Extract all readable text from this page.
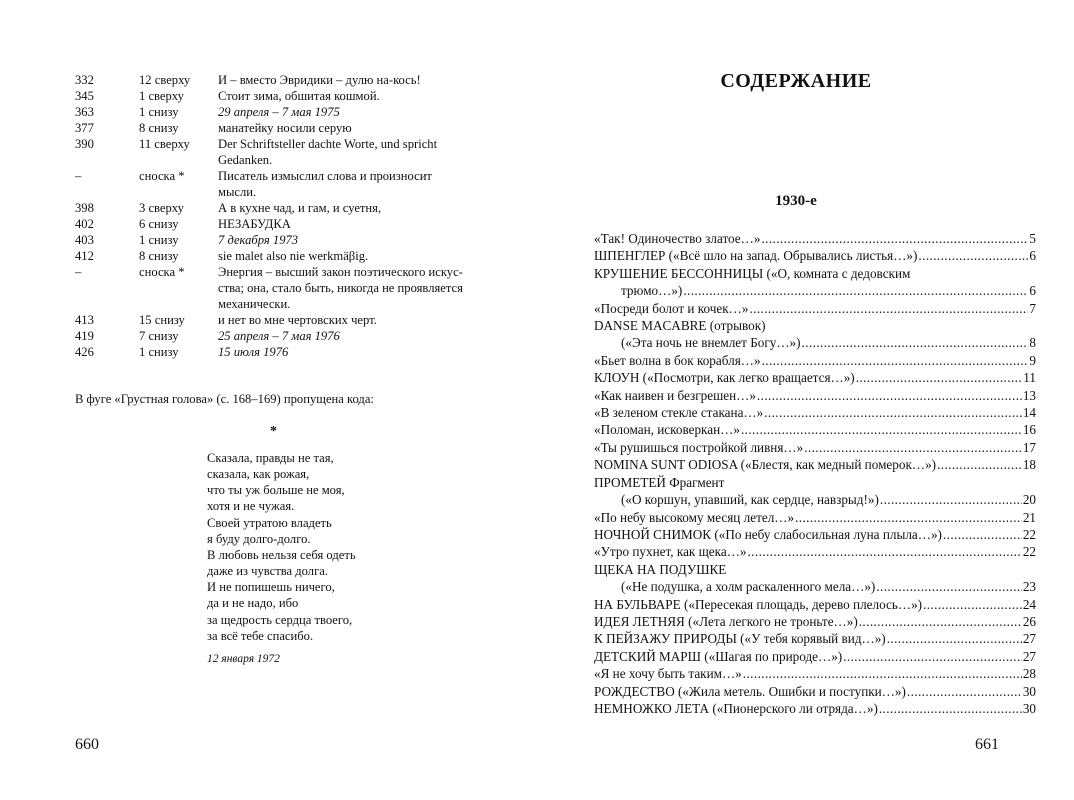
332	12 сверху	И – вместо Эвридики – дулю на-кось!
345	1 сверху	Стоит зима, обшитая кошмой.
363	1 снизу	29 апреля – 7 мая 1975
377	8 снизу	манатейку носили серую
390	11 сверху	Der Schriftsteller dachte Worte, und spricht
Gedanken.
–	сноска *	Писатель измыслил слова и произносит
мысли.
398	3 сверху	А в кухне чад, и гам, и суетня,
402	6 снизу	НЕЗАБУДКА
403	1 снизу	7 декабря 1973
412	8 снизу	sie malet also nie werkmäβig.
–	сноска *	Энергия – высший закон поэтического искус-
ства; она, стало быть, никогда не проявляется
механически.
413	15 снизу	и нет во мне чертовских черт.
419	7 снизу	25 апреля – 7 мая 1976
426	1 снизу	15 июля 1976
В фуге «Грустная голова» (с. 168–169) пропущена кода:
*
Сказала, правды не тая,
сказала, как рожая,
что ты уж больше не моя,
хотя и не чужая.
Своей утратою владеть
я буду долго-долго.
В любовь нельзя себя одеть
даже из чувства долга.
И не попишешь ничего,
да и не надо, ибо
за щедрость сердца твоего,
за всё тебе спасибо.
12 января 1972
660
СОДЕРЖАНИЕ
1930-е
«Так! Одиночество златое…» .....	5
ШПЕНГЛЕР («Всё шло на запад. Обрывались листья…») .....	6
КРУШЕНИЕ БЕССОННИЦЫ («О, комната с дедовским
трюмо…») .....	6
«Посреди болот и кочек…» .....	7
DANSE MACABRE (отрывок)
(«Эта ночь не внемлет Богу…») .....	8
«Бьет волна в бок корабля…» .....	9
КЛОУН («Посмотри, как легко вращается…») .....	11
«Как наивен и безгрешен…» .....	13
«В зеленом стекле стакана…» .....	14
«Поломан, исковеркан…» .....	16
«Ты рушишься постройкой ливня…» .....	17
NOMINA SUNT ODIOSA («Блестя, как медный померок…») .....	18
ПРОМЕТЕЙ Фрагмент
(«О коршун, упавший, как сердце, навзрыд!») .....	20
«По небу высокому месяц летел…» .....	21
НОЧНОЙ СНИМОК («По небу слабосильная луна плыла…») .....	22
«Утро пухнет, как щека…» .....	22
ЩЕКА НА ПОДУШКЕ
(«Не подушка, а холм раскаленного мела…») .....	23
НА БУЛЬВАРЕ («Пересекая площадь, дерево плелось…») .....	24
ИДЕЯ ЛЕТНЯЯ («Лета легкого не троньте…») .....	26
К ПЕЙЗАЖУ ПРИРОДЫ («У тебя корявый вид…») .....	27
ДЕТСКИЙ МАРШ («Шагая по природе…») .....	27
«Я не хочу быть таким…» .....	28
РОЖДЕСТВО («Жила метель. Ошибки и поступки…») .....	30
НЕМНОЖКО ЛЕТА («Пионерского ли отряда…») .....	30
661
